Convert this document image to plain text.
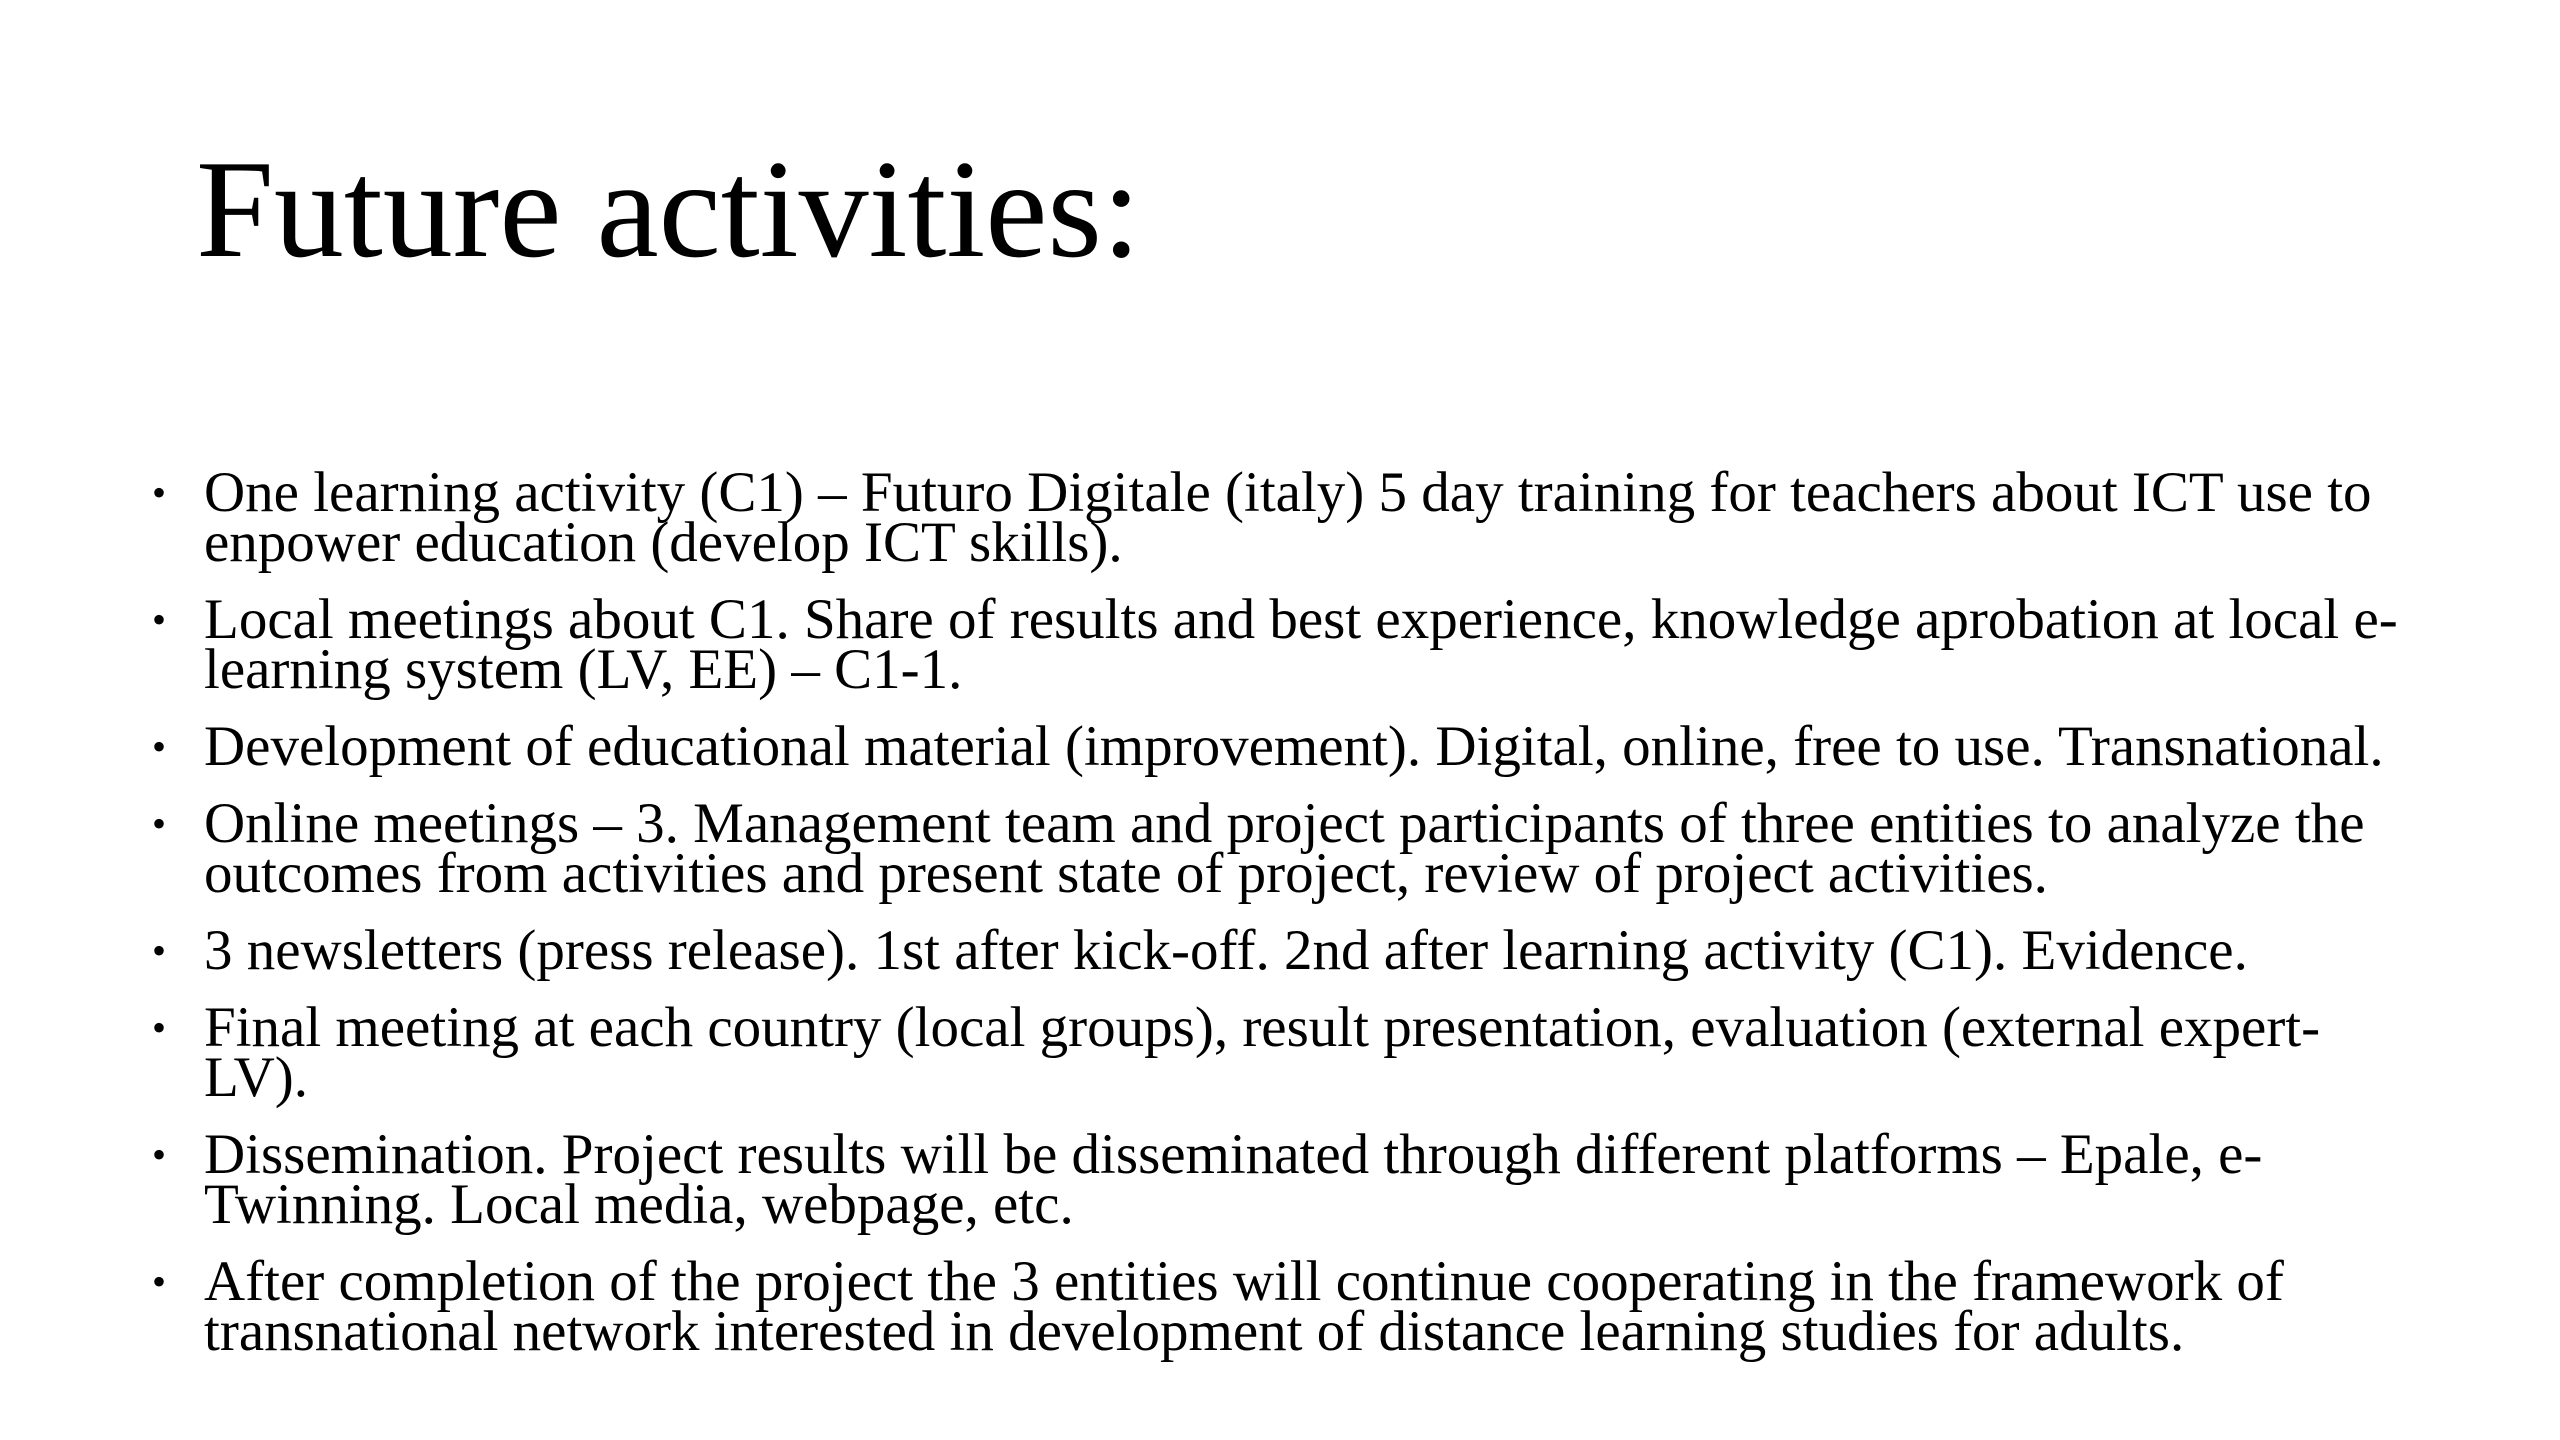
Future activities:
• One learning activity (C1) – Futuro Digitale (italy) 5 day training for teachers about ICT use to enpower education (develop ICT skills).
• Local meetings about C1. Share of results and best experience, knowledge aprobation at local e-learning system (LV, EE) – C1-1.
• Development of educational material (improvement). Digital, online, free to use. Transnational.
• Online meetings – 3. Management team and project participants of three entities to analyze the outcomes from activities and present state of project, review of project activities.
• 3 newsletters (press release). 1st after kick-off. 2nd after learning activity (C1). Evidence.
• Final meeting at each country (local groups), result presentation, evaluation (external expert-LV).
• Dissemination. Project results will be disseminated through different platforms – Epale, e-Twinning. Local media, webpage, etc.
• After completion of the project the 3 entities will continue cooperating in the framework of transnational network interested in development of distance learning studies for adults.
